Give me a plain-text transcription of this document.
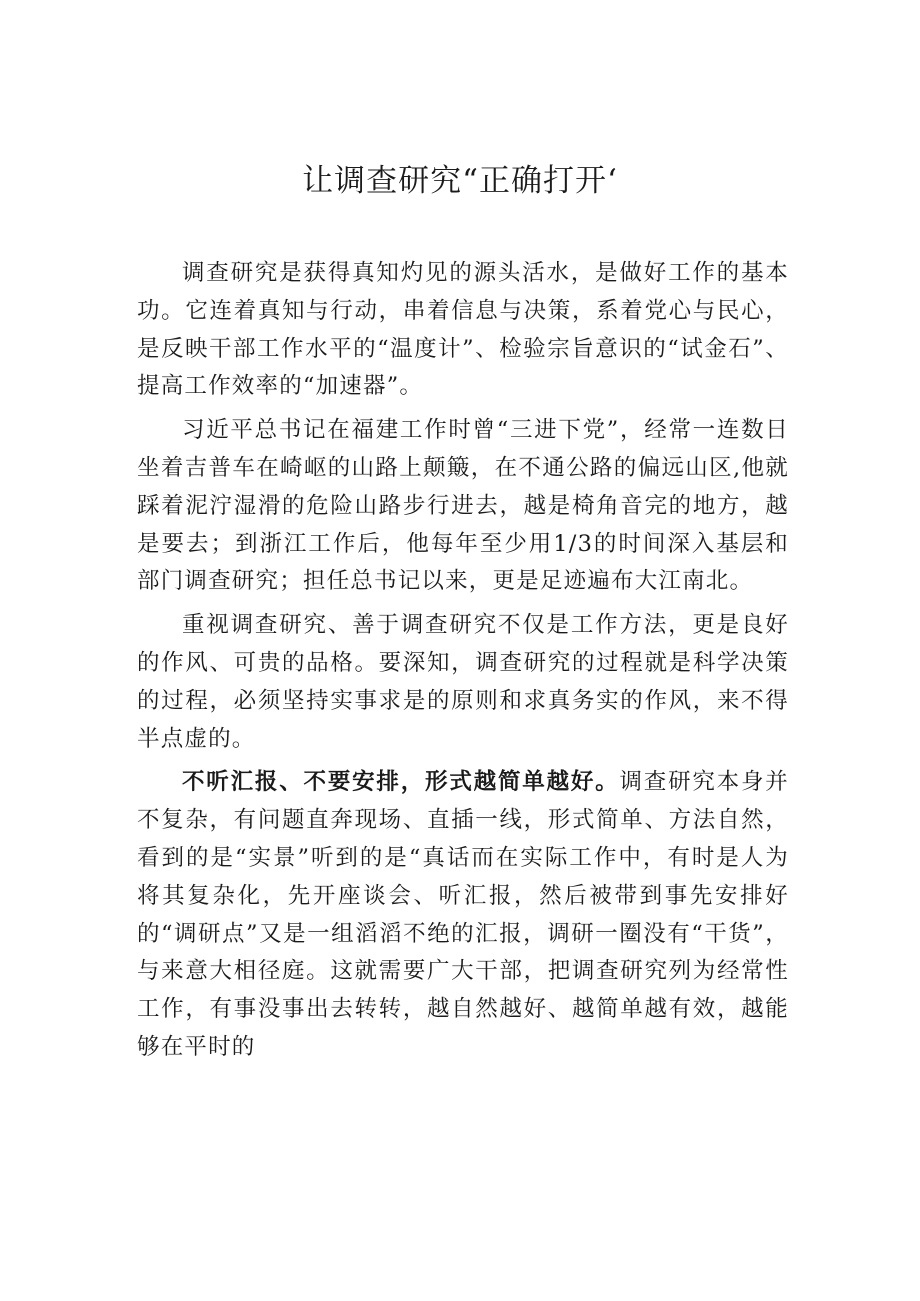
让调查研究“正确打开‘

调查研究是获得真知灼见的源头活水，是做好工作的基本功。它连着真知与行动，串着信息与决策，系着党心与民心，是反映干部工作水平的“温度计”、检验宗旨意识的“试金石”、提高工作效率的“加速器”。

习近平总书记在福建工作时曾“三进下党”，经常一连数日坐着吉普车在崎岖的山路上颠簸，在不通公路的偏远山区,他就踩着泥泞湿滑的危险山路步行进去，越是椅角音完的地方，越是要去；到浙江工作后，他每年至少用1/3的时间深入基层和部门调查研究；担任总书记以来，更是足迹遍布大江南北。

重视调查研究、善于调查研究不仅是工作方法，更是良好的作风、可贵的品格。要深知，调查研究的过程就是科学决策的过程，必须坚持实事求是的原则和求真务实的作风，来不得半点虚的。

不听汇报、不要安排，形式越简单越好。调查研究本身并不复杂，有问题直奔现场、直插一线，形式简单、方法自然，看到的是“实景”听到的是“真话而在实际工作中，有时是人为将其复杂化，先开座谈会、听汇报，然后被带到事先安排好的“调研点”又是一组滔滔不绝的汇报，调研一圈没有“干货”，与来意大相径庭。这就需要广大干部，把调查研究列为经常性工作，有事没事出去转转，越自然越好、越简单越有效，越能够在平时的
